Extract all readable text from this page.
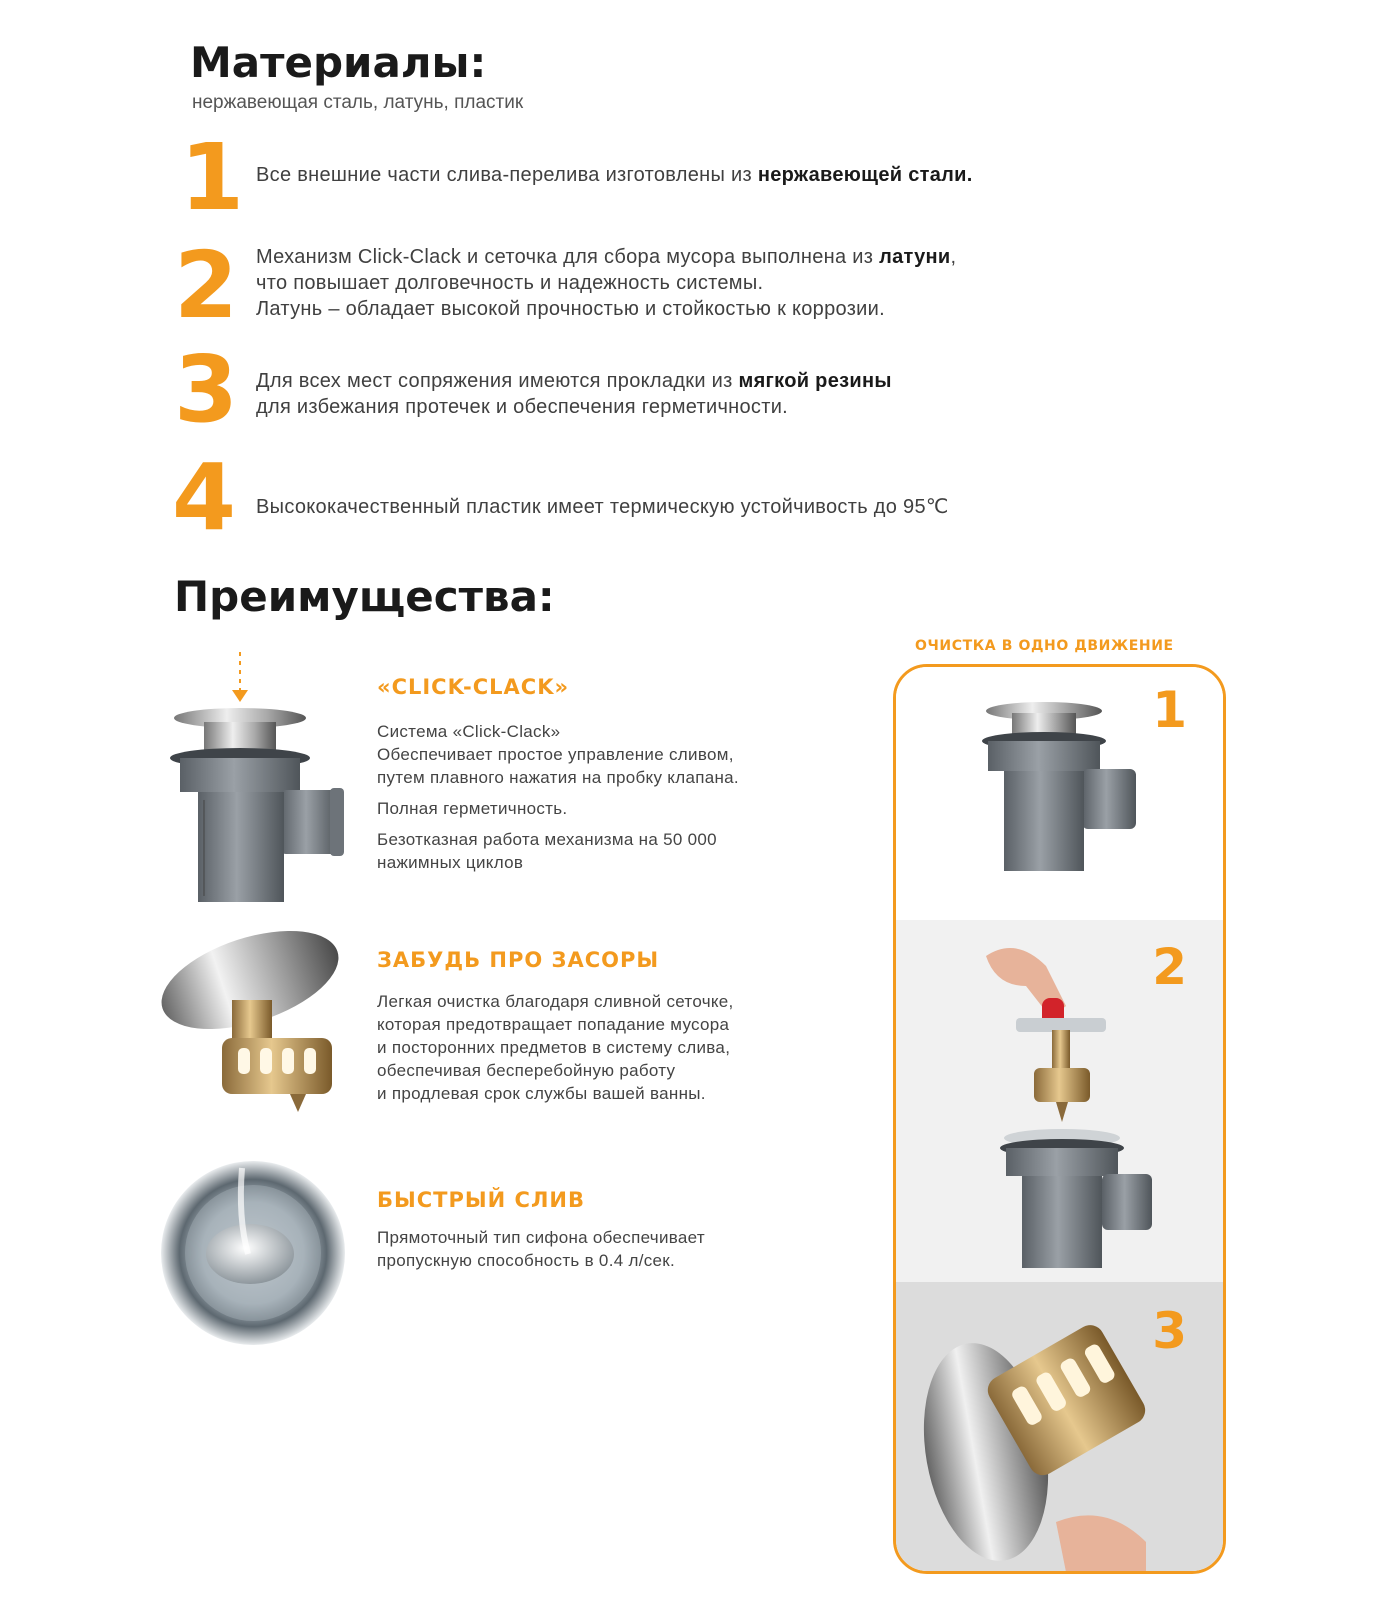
Материалы:
нержавеющая сталь, латунь, пластик
1 Все внешние части слива-перелива изготовлены из нержавеющей стали.
2 Механизм Click-Clack и сеточка для сбора мусора выполнена из латуни,
что повышает долговечность и надежность системы.
Латунь – обладает высокой прочностью и стойкостью к коррозии.
3 Для всех мест сопряжения имеются прокладки из мягкой резины
для избежания протечек и обеспечения герметичности.
4 Высококачественный пластик имеет термическую устойчивость до 95℃
Преимущества:
«CLICK-CLACK»

Система «Click-Clack»
Обеспечивает простое управление сливом,
путем плавного нажатия на пробку клапана.

Полная герметичность.

Безотказная работа механизма на 50 000
нажимных циклов

ЗАБУДЬ ПРО ЗАСОРЫ

Легкая очистка благодаря сливной сеточке,
которая предотвращает попадание мусора
и посторонних предметов в систему слива,
обеспечивая бесперебойную работу
и продлевая срок службы вашей ванны.

БЫСТРЫЙ СЛИВ

Прямоточный тип сифона обеспечивает
пропускную способность в 0.4 л/сек.

ОЧИСТКА В ОДНО ДВИЖЕНИЕ
1
2
3
